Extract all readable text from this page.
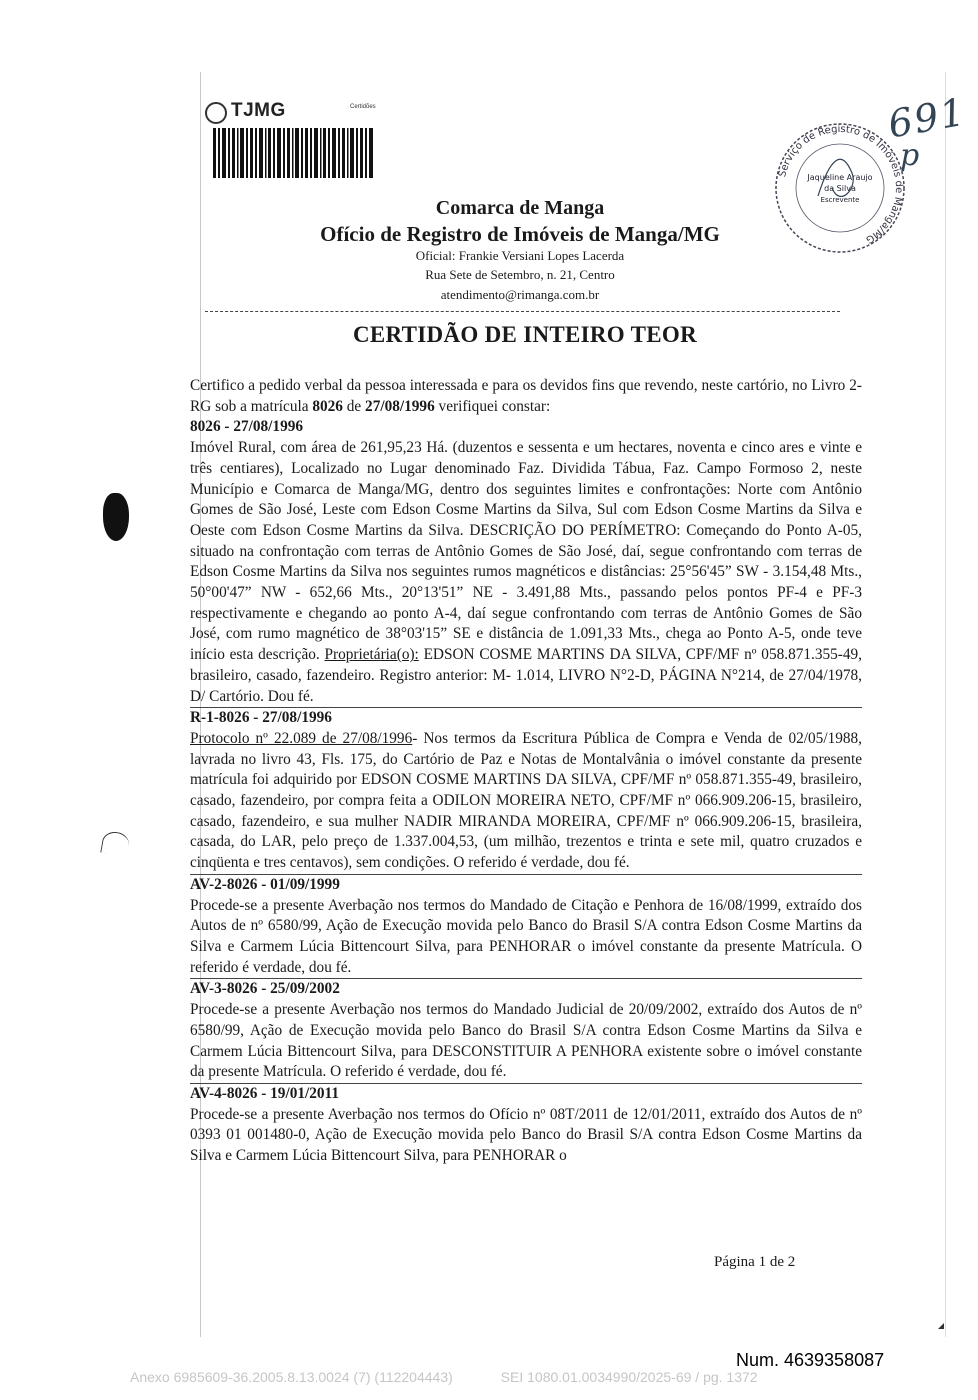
TJMG	Certidões
Serviço de Registro de Imóveis de Manga/MG
Jaqueline Araujo
da Silva
Escrevente
691
p
Comarca de Manga
Ofício de Registro de Imóveis de Manga/MG
Oficial: Frankie Versiani Lopes Lacerda
Rua Sete de Setembro, n. 21, Centro
atendimento@rimanga.com.br
CERTIDÃO DE INTEIRO TEOR

Certifico a pedido verbal da pessoa interessada e para os devidos fins que revendo, neste cartório, no Livro 2-RG sob a matrícula 8026 de 27/08/1996 verifiquei constar:

8026 - 27/08/1996

Imóvel Rural, com área de 261,95,23 Há. (duzentos e sessenta e um hectares, noventa e cinco ares e vinte e três centiares), Localizado no Lugar denominado Faz. Dividida Tábua, Faz. Campo Formoso 2, neste Município e Comarca de Manga/MG, dentro dos seguintes limites e confrontações: Norte com Antônio Gomes de São José, Leste com Edson Cosme Martins da Silva, Sul com Edson Cosme Martins da Silva e Oeste com Edson Cosme Martins da Silva. DESCRIÇÃO DO PERÍMETRO: Começando do Ponto A-05, situado na confrontação com terras de Antônio Gomes de São José, daí, segue confrontando com terras de Edson Cosme Martins da Silva nos seguintes rumos magnéticos e distâncias: 25°56'45” SW - 3.154,48 Mts., 50°00'47” NW - 652,66 Mts., 20°13'51” NE - 3.491,88 Mts., passando pelos pontos PF-4 e PF-3 respectivamente e chegando ao ponto A-4, daí segue confrontando com terras de Antônio Gomes de São José, com rumo magnético de 38°03'15” SE e distância de 1.091,33 Mts., chega ao Ponto A-5, onde teve início esta descrição. Proprietária(o): EDSON COSME MARTINS DA SILVA, CPF/MF nº 058.871.355-49, brasileiro, casado, fazendeiro. Registro anterior: M- 1.014, LIVRO N°2-D, PÁGINA N°214, de 27/04/1978, D/ Cartório. Dou fé.

R-1-8026 - 27/08/1996

Protocolo nº 22.089 de 27/08/1996- Nos termos da Escritura Pública de Compra e Venda de 02/05/1988, lavrada no livro 43, Fls. 175, do Cartório de Paz e Notas de Montalvânia o imóvel constante da presente matrícula foi adquirido por EDSON COSME MARTINS DA SILVA, CPF/MF nº 058.871.355-49, brasileiro, casado, fazendeiro, por compra feita a ODILON MOREIRA NETO, CPF/MF nº 066.909.206-15, brasileiro, casado, fazendeiro, e sua mulher NADIR MIRANDA MOREIRA, CPF/MF nº 066.909.206-15, brasileira, casada, do LAR, pelo preço de 1.337.004,53, (um milhão, trezentos e trinta e sete mil, quatro cruzados e cinqüenta e tres centavos), sem condições. O referido é verdade, dou fé.

AV-2-8026 - 01/09/1999

Procede-se a presente Averbação nos termos do Mandado de Citação e Penhora de 16/08/1999, extraído dos Autos de nº 6580/99, Ação de Execução movida pelo Banco do Brasil S/A contra Edson Cosme Martins da Silva e Carmem Lúcia Bittencourt Silva, para PENHORAR o imóvel constante da presente Matrícula. O referido é verdade, dou fé.

AV-3-8026 - 25/09/2002

Procede-se a presente Averbação nos termos do Mandado Judicial de 20/09/2002, extraído dos Autos de nº 6580/99, Ação de Execução movida pelo Banco do Brasil S/A contra Edson Cosme Martins da Silva e Carmem Lúcia Bittencourt Silva, para DESCONSTITUIR A PENHORA existente sobre o imóvel constante da presente Matrícula. O referido é verdade, dou fé.

AV-4-8026 - 19/01/2011

Procede-se a presente Averbação nos termos do Ofício nº 08T/2011 de 12/01/2011, extraído dos Autos de nº 0393 01 001480-0, Ação de Execução movida pelo Banco do Brasil S/A contra Edson Cosme Martins da Silva e Carmem Lúcia Bittencourt Silva, para PENHORAR o

Página 1 de 2
Num. 4639358087
Anexo 6985609-36.2005.8.13.0024 (7) (112204443)	SEI 1080.01.0034990/2025-69 / pg. 1372
